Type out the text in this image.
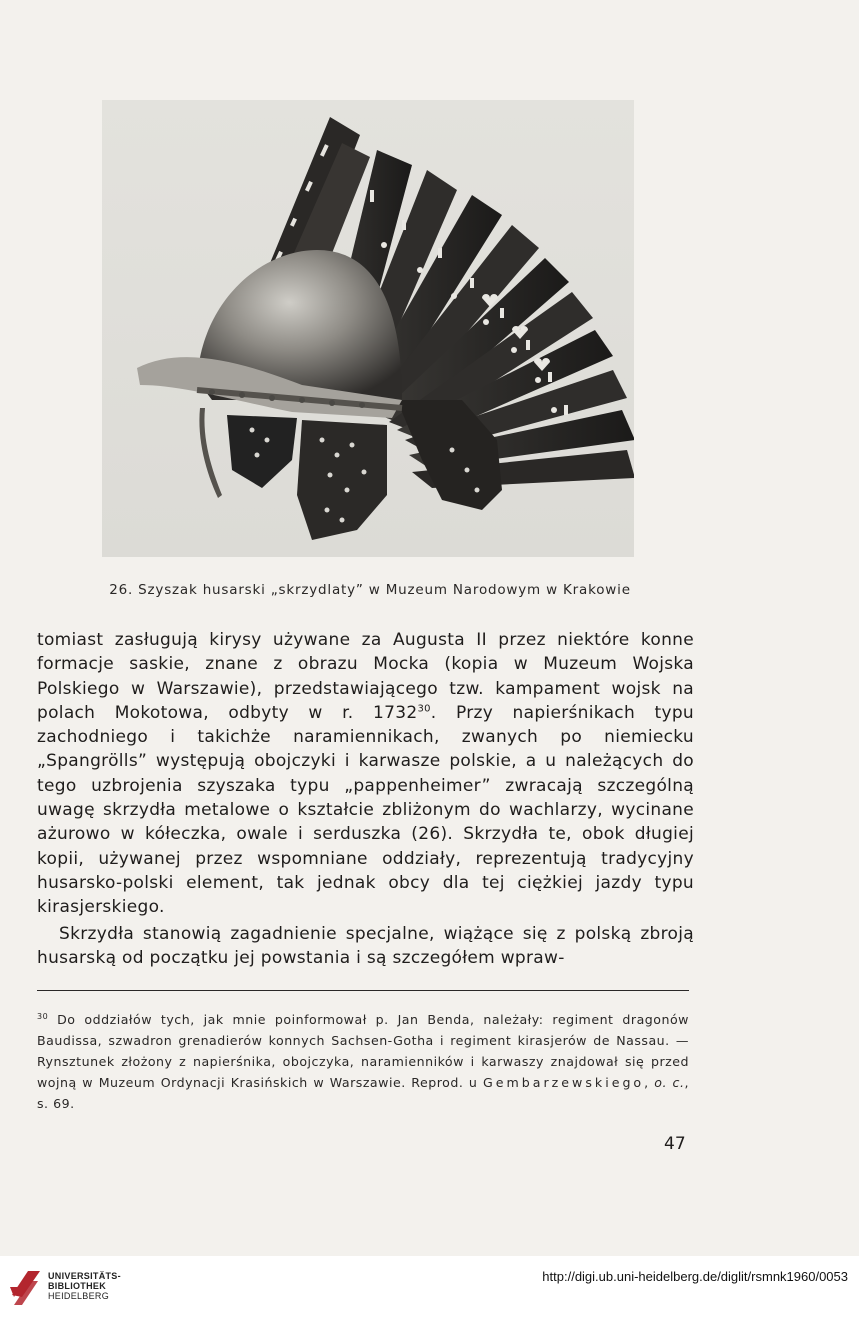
26. Szyszak husarski „skrzydlaty” w Muzeum Narodowym w Krakowie

tomiast zasługują kirysy używane za Augusta II przez niektóre konne formacje saskie, znane z obrazu Mocka (kopia w Muzeum Wojska Polskiego w Warszawie), przedstawiającego tzw. kampament wojsk na polach Mokotowa, odbyty w r. 1732$^{30}$. Przy napierśnikach typu zachodniego i takichże naramiennikach, zwanych po niemiecku „Spangrölls” występują obojczyki i karwasze polskie, a u należących do tego uzbrojenia szyszaka typu „pappenheimer” zwracają szczególną uwagę skrzydła metalowe o kształcie zbliżonym do wachlarzy, wycinane ażurowo w kółeczka, owale i serduszka (26). Skrzydła te, obok długiej kopii, używanej przez wspomniane oddziały, reprezentują tradycyjny husarsko-polski element, tak jednak obcy dla tej ciężkiej jazdy typu kirasjerskiego.

Skrzydła stanowią zagadnienie specjalne, wiążące się z polską zbroją husarską od początku jej powstania i są szczegółem wpraw-

$^{30}$ Do oddziałów tych, jak mnie poinformował p. Jan Benda, należały: regiment dragonów Baudissa, szwadron grenadierów konnych Sachsen-Gotha i regiment kirasjerów de Nassau. — Rynsztunek złożony z napierśnika, obojczyka, naramienników i karwaszy znajdował się przed wojną w Muzeum Ordynacji Krasińskich w Warszawie. Reprod. u Gembarzewskiego, o. c., s. 69.
47
UNIVERSITÄTS-
BIBLIOTHEK
HEIDELBERG
http://digi.ub.uni-heidelberg.de/diglit/rsmnk1960/0053
